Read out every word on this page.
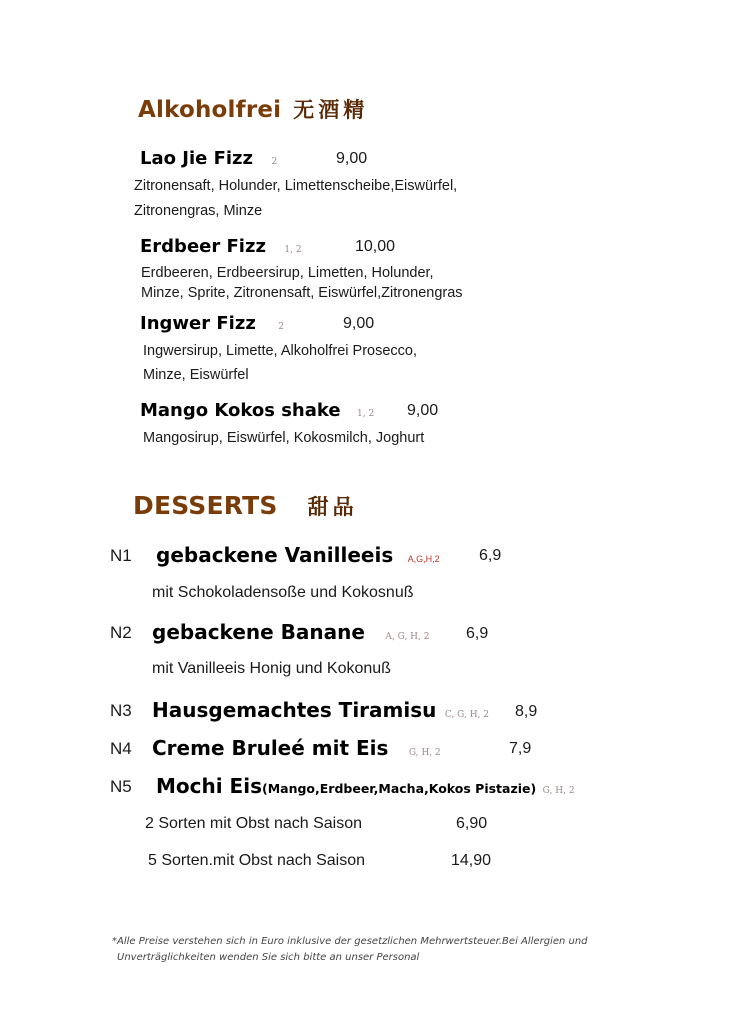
Alkoholfrei 无酒精
Lao Jie Fizz 2	9,00
Zitronensaft, Holunder, Limettenscheibe,Eiswürfel,
Zitronengras, Minze
Erdbeer Fizz 1, 2	10,00
Erdbeeren, Erdbeersirup, Limetten, Holunder,
Minze, Sprite, Zitronensaft, Eiswürfel,Zitronengras
Ingwer Fizz 2	9,00
Ingwersirup, Limette, Alkoholfrei Prosecco,
Minze, Eiswürfel
Mango Kokos shake 1, 2 9,00
Mangosirup, Eiswürfel, Kokosmilch, Joghurt
DESSERTS 甜品
N1 gebackene Vanilleeis A,G,H,2 6,9
mit Schokoladensoße und Kokosnuß
N2 gebackene Banane A, G, H, 2 6,9
mit Vanilleeis Honig und Kokonuß
N3 Hausgemachtes Tiramisu C, G, H, 2 8,9
N4 Creme Bruleé mit Eis G, H, 2	7,9
N5 Mochi Eis(Mango,Erdbeer,Macha,Kokos Pistazie) G, H, 2
2 Sorten mit Obst nach Saison	6,90
5 Sorten.mit Obst nach Saison	14,90
*Alle Preise verstehen sich in Euro inklusive der gesetzlichen Mehrwertsteuer.Bei Allergien und
Unverträglichkeiten wenden Sie sich bitte an unser Personal
